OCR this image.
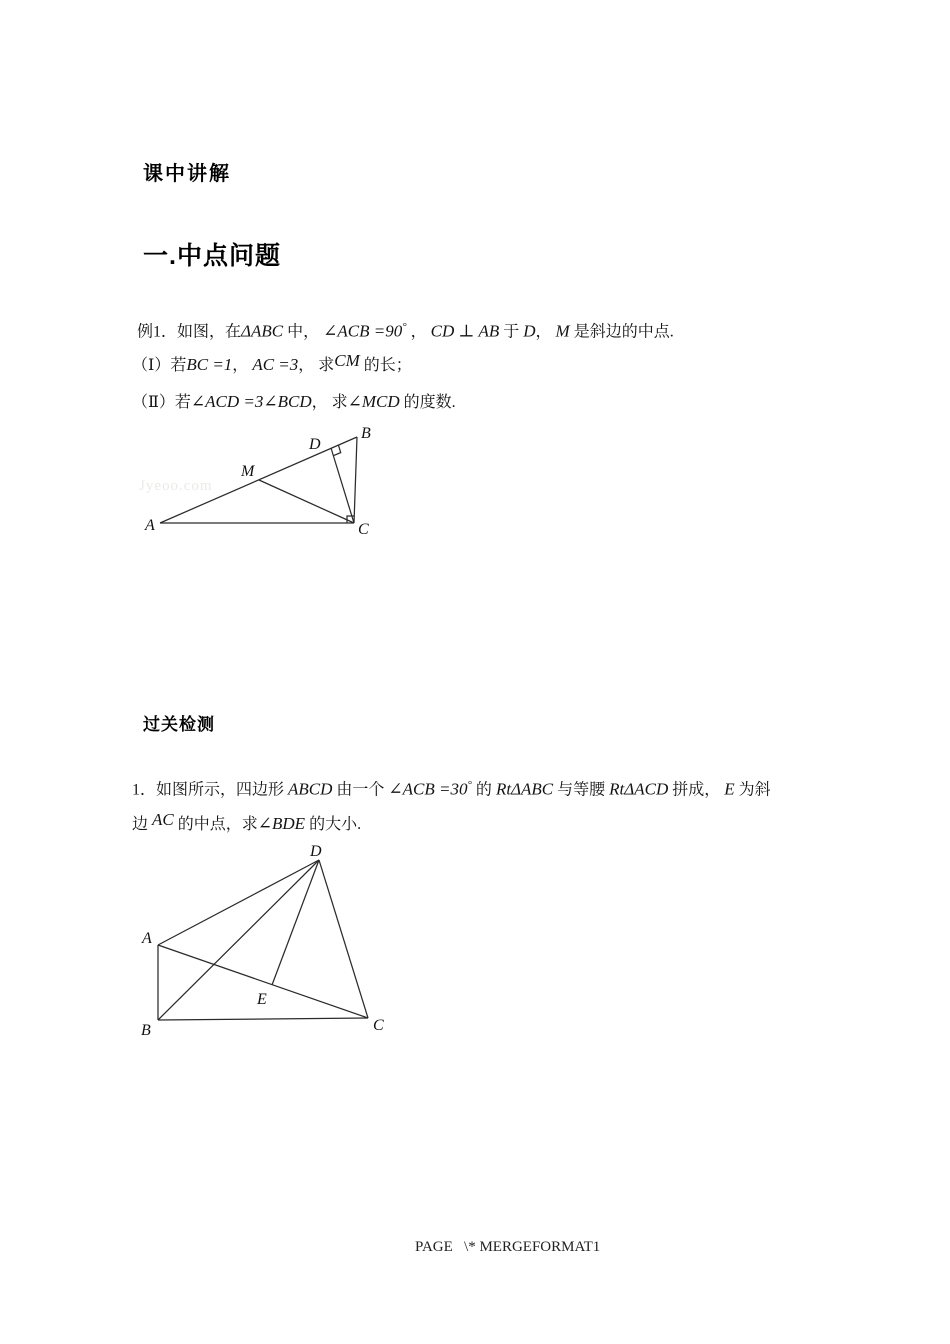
课中讲解
一.中点问题
例1．如图，在ΔABC 中， ∠ACB =90° ， CD ⊥ AB 于 D， M 是斜边的中点.
（Ⅰ）若BC =1， AC =3， 求CM 的长；
（Ⅱ）若∠ACD =3∠BCD， 求∠MCD 的度数.
Jyeoo.com
A
B
C
D
M
过关检测
1．如图所示，四边形 ABCD 由一个 ∠ACB =30° 的 RtΔABC 与等腰 RtΔACD 拼成， E 为斜
边 AC 的中点，求∠BDE 的大小.
D
A
B	C
E
PAGE   \* MERGEFORMAT1
